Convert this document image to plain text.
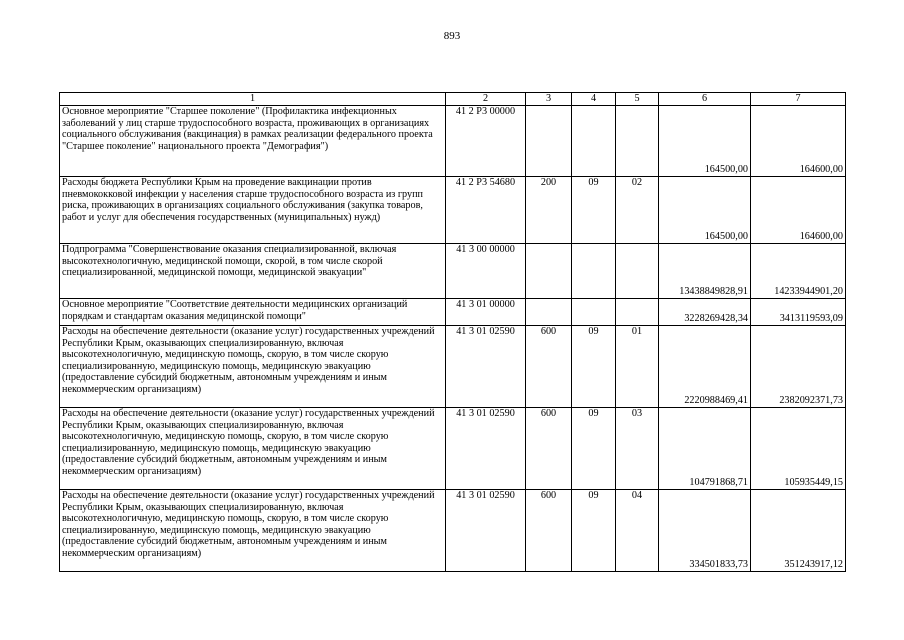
893
1	2	3	4	5	6	7
Основное мероприятие "Старшее поколение" (Профилактика инфекционных заболеваний у лиц старше трудоспособного возраста, проживающих в организациях социального обслуживания (вакцинация) в рамках реализации федерального проекта "Старшее поколение" национального проекта "Демография")	41 2 P3 00000				164500,00	164600,00
Расходы бюджета Республики Крым на проведение вакцинации против пневмококковой инфекции у населения старше трудоспособного возраста из групп риска, проживающих в организациях социального обслуживания (закупка товаров, работ и услуг для обеспечения государственных (муниципальных) нужд)	41 2 P3 54680	200	09	02	164500,00	164600,00
Подпрограмма "Совершенствование оказания специализированной, включая высокотехнологичную, медицинской помощи, скорой, в том числе скорой специализированной, медицинской помощи, медицинской эвакуации"	41 3 00 00000				13438849828,91	14233944901,20
Основное мероприятие "Соответствие деятельности медицинских организаций порядкам и стандартам оказания медицинской помощи"	41 3 01 00000				3228269428,34	3413119593,09
Расходы на обеспечение деятельности (оказание услуг) государственных учреждений Республики Крым, оказывающих специализированную, включая высокотехнологичную, медицинскую помощь, скорую, в том числе скорую специализированную, медицинскую помощь, медицинскую эвакуацию (предоставление субсидий бюджетным, автономным учреждениям и иным некоммерческим организациям)	41 3 01 02590	600	09	01	2220988469,41	2382092371,73
Расходы на обеспечение деятельности (оказание услуг) государственных учреждений Республики Крым, оказывающих специализированную, включая высокотехнологичную, медицинскую помощь, скорую, в том числе скорую специализированную, медицинскую помощь, медицинскую эвакуацию (предоставление субсидий бюджетным, автономным учреждениям и иным некоммерческим организациям)	41 3 01 02590	600	09	03	104791868,71	105935449,15
Расходы на обеспечение деятельности (оказание услуг) государственных учреждений Республики Крым, оказывающих специализированную, включая высокотехнологичную, медицинскую помощь, скорую, в том числе скорую специализированную, медицинскую помощь, медицинскую эвакуацию (предоставление субсидий бюджетным, автономным учреждениям и иным некоммерческим организациям)	41 3 01 02590	600	09	04	334501833,73	351243917,12
